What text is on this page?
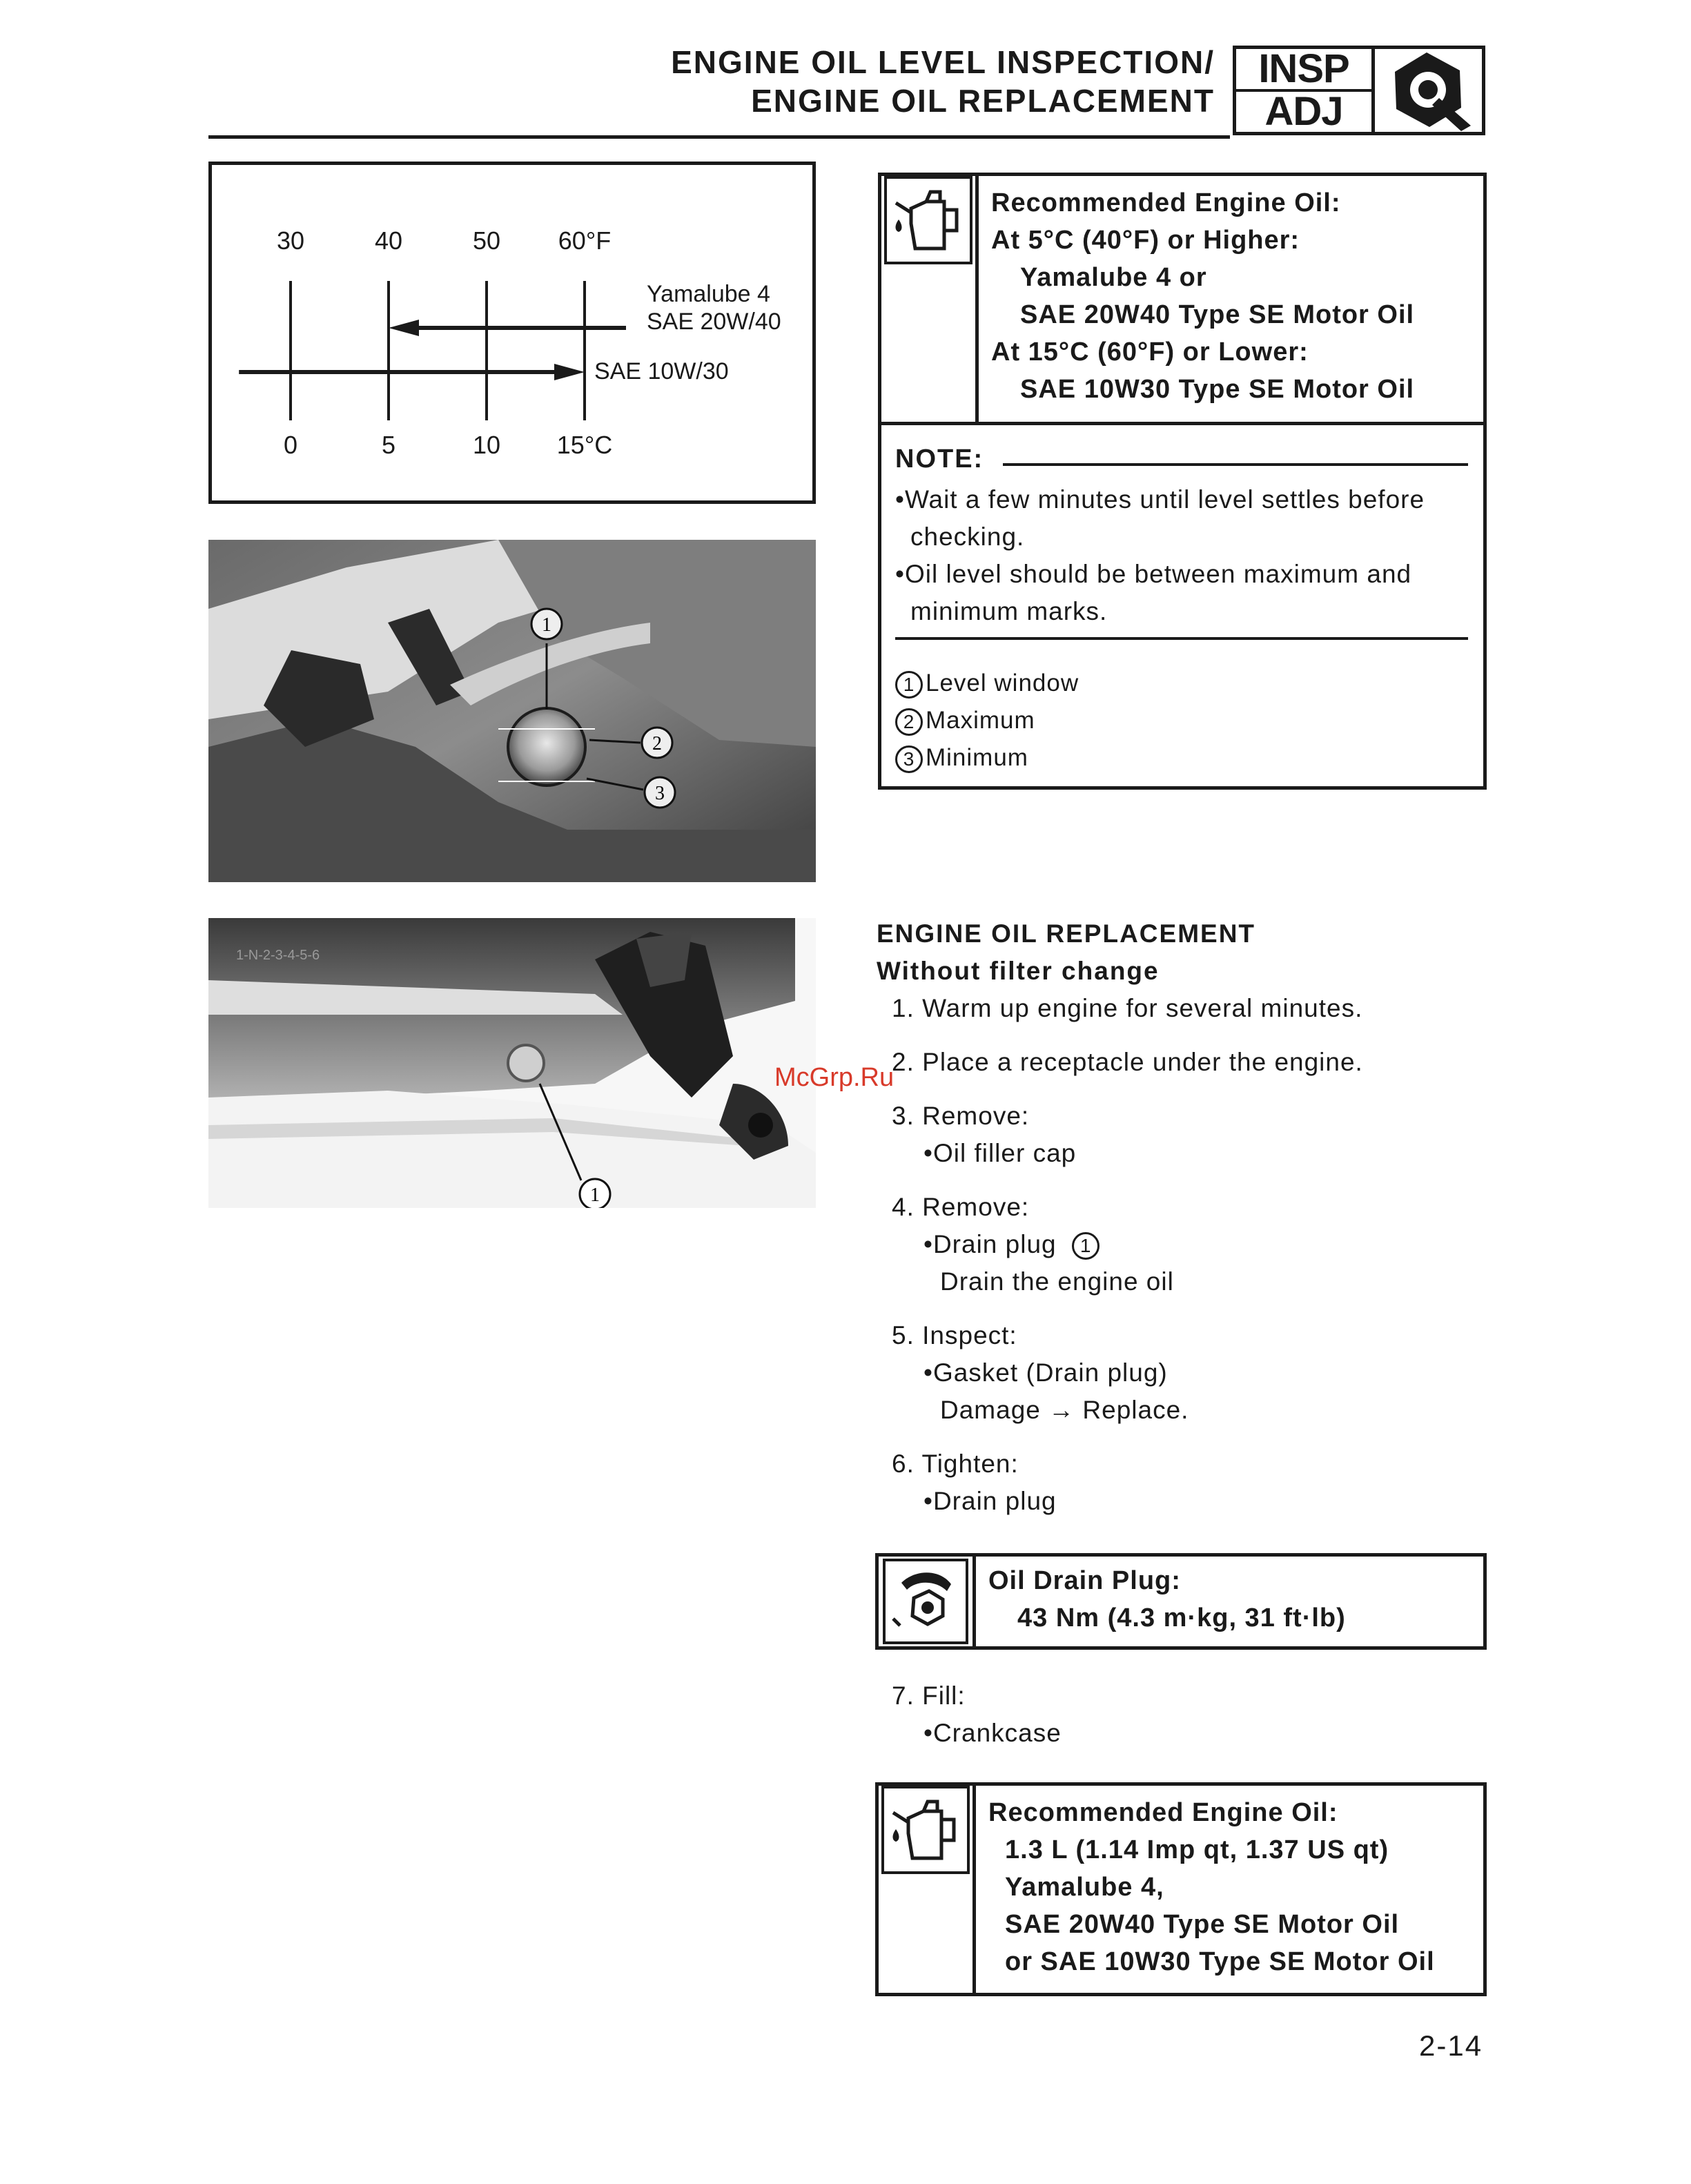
ENGINE OIL LEVEL INSPECTION/
ENGINE OIL REPLACEMENT
INSP
ADJ
30
0
40
5
50
10
60°F
15°C
Yamalube 4
SAE 20W/40
SAE 10W/30
1
2
3
1
1-N-2-3-4-5-6
Recommended Engine Oil:
At 5°C (40°F) or Higher:
Yamalube 4 or
SAE 20W40 Type SE Motor Oil
At 15°C (60°F) or Lower:
SAE 10W30 Type SE Motor Oil
NOTE:
•Wait a few minutes until level settles before
checking.
•Oil level should be between maximum and
minimum marks.
1 Level window
2 Maximum
3 Minimum
ENGINE OIL REPLACEMENT
Without filter change
1. Warm up engine for several minutes.
2. Place a receptacle under the engine.
3. Remove:
•Oil filler cap
4. Remove:
•Drain plug 1
Drain the engine oil
5. Inspect:
•Gasket (Drain plug)
Damage → Replace.
6. Tighten:
•Drain plug
Oil Drain Plug:
43 Nm (4.3 m·kg, 31 ft·lb)
7. Fill:
•Crankcase
Recommended Engine Oil:
1.3 L (1.14 Imp qt, 1.37 US qt)
Yamalube 4,
SAE 20W40 Type SE Motor Oil
or SAE 10W30 Type SE Motor Oil
McGrp.Ru
2-14
